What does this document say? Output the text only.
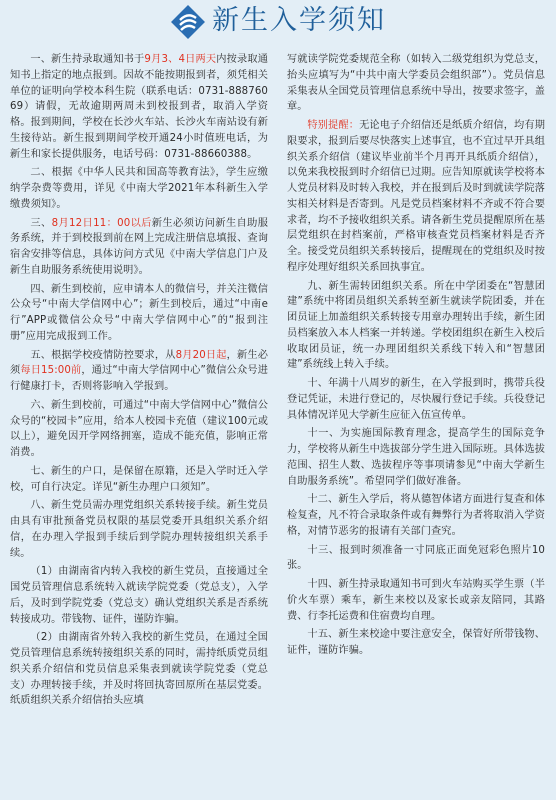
新生入学须知

一、新生持录取通知书于9月3、4日两天内按录取通知书上指定的地点报到。因故不能按期报到者，须凭相关单位的证明向学校本科生院（联系电话：0731-88876069）请假，无故逾期两周未到校报到者，取消入学资格。报到期间，学校在长沙火车站、长沙火车南站设有新生接待站。新生报到期间学校开通24小时值班电话，为新生和家长提供服务，电话号码：0731-88660388。

二、根据《中华人民共和国高等教育法》，学生应缴纳学杂费等费用，详见《中南大学2021年本科新生入学缴费须知》。

三、8月12日11：00以后新生必须访问新生自助服务系统，并于到校报到前在网上完成注册信息填报、查询宿舍安排等信息，具体访问方式见《中南大学信息门户及新生自助服务系统使用说明》。

四、新生到校前，应申请本人的微信号，并关注微信公众号“中南大学信网中心”；新生到校后，通过“中南e行”APP或微信公众号“中南大学信网中心”的“报到注册”应用完成报到工作。

五、根据学校疫情防控要求，从8月20日起，新生必须每日15:00前，通过“中南大学信网中心”微信公众号进行健康打卡，否则将影响入学报到。

六、新生到校前，可通过“中南大学信网中心”微信公众号的“校园卡”应用，给本人校园卡充值（建议100元或以上），避免因开学网络拥塞，造成不能充值，影响正常消费。

七、新生的户口，是保留在原籍，还是入学时迁入学校，可自行决定。详见“新生办理户口须知”。

八、新生党员需办理党组织关系转接手续。新生党员由具有审批预备党员权限的基层党委开具组织关系介绍信，在办理入学报到手续后到学院办理转接组织关系手续。

（1）由湖南省内转入我校的新生党员，直接通过全国党员管理信息系统转入就读学院党委（党总支），入学后，及时到学院党委（党总支）确认党组织关系是否系统转接成功。带钱物、证件，谨防诈骗。

（2）由湖南省外转入我校的新生党员，在通过全国党员管理信息系统转接组织关系的同时，需持纸质党员组织关系介绍信和党员信息采集表到就读学院党委（党总支）办理转接手续，并及时将回执寄回原所在基层党委。纸质组织关系介绍信抬头应填

写就读学院党委规范全称（如转入二级党组织为党总支，抬头应填写为“中共中南大学委员会组织部”）。党员信息采集表从全国党员管理信息系统中导出，按要求签字，盖章。

特别提醒：无论电子介绍信还是纸质介绍信，均有期限要求，报到后要尽快落实上述事宜，也不宜过早开具组织关系介绍信（建议毕业前半个月再开具纸质介绍信），以免来我校报到时介绍信已过期。应告知原就读学校将本人党员材料及时转入我校，并在报到后及时到就读学院落实相关材料是否寄到。凡是党员档案材料不齐或不符合要求者，均不予接收组织关系。请各新生党员提醒原所在基层党组织在封档案前，严格审核查党员档案材料是否齐全。接受党员组织关系转接后，提醒现在的党组织及时按程序处理好组织关系回执事宜。

九、新生需转团组织关系。所在中学团委在“智慧团建”系统中将团员组织关系转至新生就读学院团委，并在团员证上加盖组织关系转接专用章办理转出手续，新生团员档案放入本人档案一并转递。学校团组织在新生入校后收取团员证，统一办理团组织关系线下转入和“智慧团建”系统线上转入手续。

十、年满十八周岁的新生，在入学报到时，携带兵役登记凭证，未进行登记的，尽快履行登记手续。兵役登记具体情况详见大学新生应征入伍宣传单。

十一、为实施国际教育理念，提高学生的国际竞争力，学校将从新生中选拔部分学生进入国际班。具体选拔范围、招生人数、选拔程序等事项请参见“中南大学新生自助服务系统”。希望同学们做好准备。

十二、新生入学后，将从德智体诸方面进行复查和体检复查，凡不符合录取条件或有舞弊行为者将取消入学资格，对情节恶劣的报请有关部门查究。

十三、报到时须准备一寸同底正面免冠彩色照片10张。

十四、新生持录取通知书可到火车站购买学生票（半价火车票）乘车，新生来校以及家长或亲友陪同，其路费、行李托运费和住宿费均自理。

十五、新生来校途中要注意安全，保管好所带钱物、证件，谨防诈骗。
